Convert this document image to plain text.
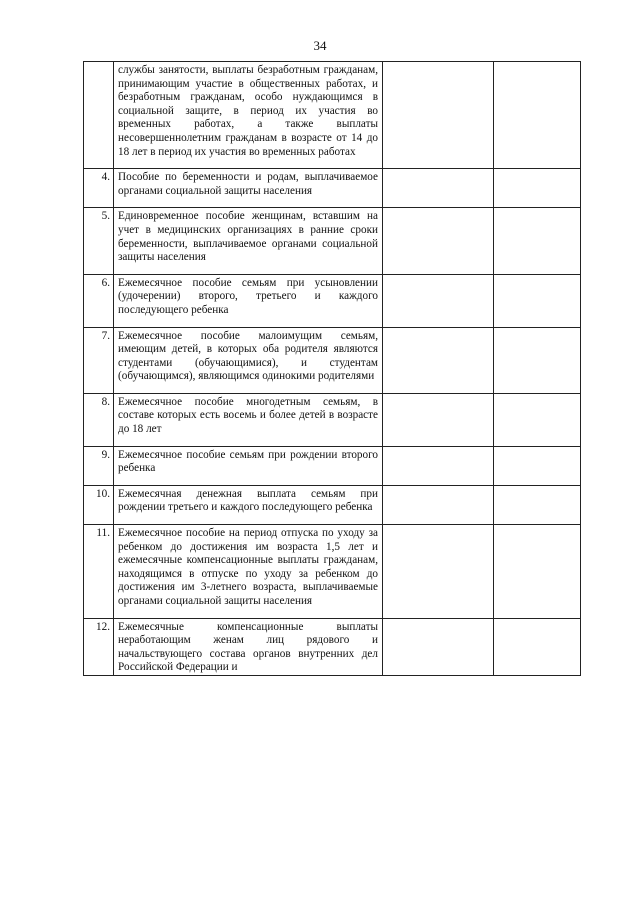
34
	службы занятости, выплаты безработным гражданам, принимающим участие в общественных работах, и безработным гражданам, особо нуждающимся в социальной защите, в период их участия во временных работах, а также выплаты несовершеннолетним гражданам в возрасте от 14 до 18 лет в период их участия во временных работах		
4.	Пособие по беременности и родам, выплачиваемое органами социальной защиты населения		
5.	Единовременное пособие женщинам, вставшим на учет в медицинских организациях в ранние сроки беременности, выплачиваемое органами социальной защиты населения		
6.	Ежемесячное пособие семьям при усыновлении (удочерении) второго, третьего и каждого последующего ребенка		
7.	Ежемесячное пособие малоимущим семьям, имеющим детей, в которых оба родителя являются студентами (обучающимися), и студентам (обучающимся), являющимся одинокими родителями		
8.	Ежемесячное пособие многодетным семьям, в составе которых есть восемь и более детей в возрасте до 18 лет		
9.	Ежемесячное пособие семьям при рождении второго ребенка		
10.	Ежемесячная денежная выплата семьям при рождении третьего и каждого последующего ребенка		
11.	Ежемесячное пособие на период отпуска по уходу за ребенком до достижения им возраста 1,5 лет и ежемесячные компенсационные выплаты гражданам, находящимся в отпуске по уходу за ребенком до достижения им 3-летнего возраста, выплачиваемые органами социальной защиты населения		
12.	Ежемесячные компенсационные выплаты неработающим женам лиц рядового и начальствующего состава органов внутренних дел Российской Федерации и		
